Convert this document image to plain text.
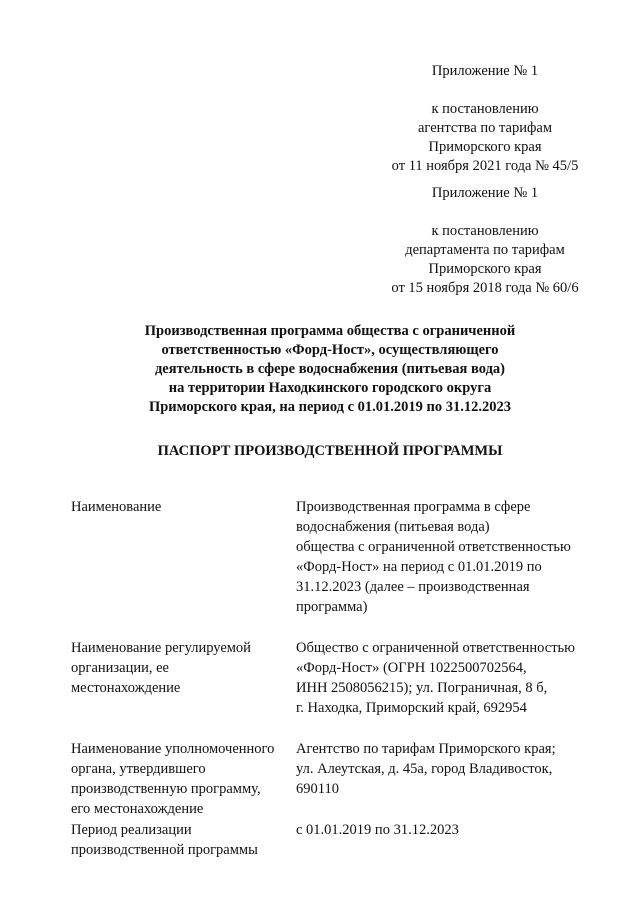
Приложение № 1
к постановлению
агентства по тарифам
Приморского края
от 11 ноября 2021 года № 45/5
Приложение № 1
к постановлению
департамента по тарифам
Приморского края
от 15 ноября 2018 года № 60/6
Производственная программа общества с ограниченной
ответственностью «Форд-Ност», осуществляющего
деятельность в сфере водоснабжения (питьевая вода)
на территории Находкинского городского округа
Приморского края, на период с 01.01.2019 по 31.12.2023
ПАСПОРТ ПРОИЗВОДСТВЕННОЙ ПРОГРАММЫ
Наименование	Производственная программа в сфере
водоснабжения (питьевая вода)
общества с ограниченной ответственностью
«Форд-Ност» на период с 01.01.2019 по
31.12.2023 (далее – производственная
программа)
Наименование регулируемой
организации, ее
местонахождение
Общество с ограниченной ответственностью
«Форд-Ност» (ОГРН 1022500702564,
ИНН 2508056215); ул. Пограничная, 8 б,
г. Находка, Приморский край, 692954
Наименование уполномоченного
органа, утвердившего
производственную программу,
его местонахождение
Агентство по тарифам Приморского края;
ул. Алеутская, д. 45а, город Владивосток,
690110
Период реализации
производственной программы
с 01.01.2019 по 31.12.2023
